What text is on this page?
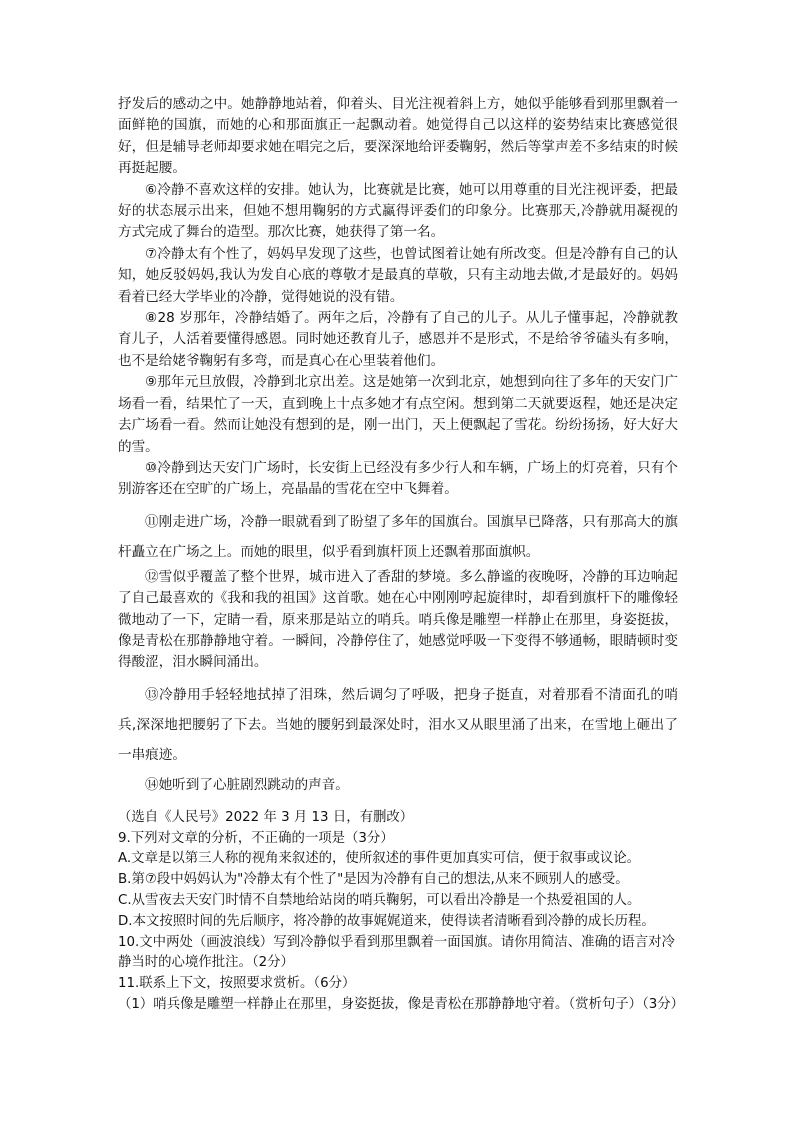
抒发后的感动之中。她静静地站着，仰着头、目光注视着斜上方，她似乎能够看到那里飘着一面鲜艳的国旗，而她的心和那面旗正一起飘动着。她觉得自己以这样的姿势结束比赛感觉很好，但是辅导老师却要求她在唱完之后，要深深地给评委鞠躬，然后等掌声差不多结束的时候再挺起腰。

⑥冷静不喜欢这样的安排。她认为，比赛就是比赛，她可以用尊重的目光注视评委，把最好的状态展示出来，但她不想用鞠躬的方式赢得评委们的印象分。比赛那天,冷静就用凝视的方式完成了舞台的造型。那次比赛，她获得了第一名。

⑦冷静太有个性了，妈妈早发现了这些，也曾试图着让她有所改变。但是冷静有自己的认知，她反驳妈妈,我认为发自心底的尊敬才是最真的草敬，只有主动地去做,才是最好的。妈妈看着已经大学毕业的冷静，觉得她说的没有错。

⑧28 岁那年，冷静结婚了。两年之后，冷静有了自己的儿子。从儿子懂事起，冷静就教育儿子，人活着要懂得感恩。同时她还教育儿子，感恩并不是形式，不是给爷爷磕头有多响，也不是给姥爷鞠躬有多弯，而是真心在心里装着他们。

⑨那年元旦放假，冷静到北京出差。这是她第一次到北京，她想到向往了多年的天安门广场看一看，结果忙了一天，直到晚上十点多她才有点空闲。想到第二天就要返程，她还是决定去广场看一看。然而让她没有想到的是，刚一出门，天上便飘起了雪花。纷纷扬扬，好大好大的雪。

⑩冷静到达天安门广场时，长安街上已经没有多少行人和车辆，广场上的灯亮着，只有个别游客还在空旷的广场上，亮晶晶的雪花在空中飞舞着。

⑪刚走进广场，冷静一眼就看到了盼望了多年的国旗台。国旗早已降落，只有那高大的旗杆矗立在广场之上。而她的眼里，似乎看到旗杆顶上还飘着那面旗帜。

⑫雪似乎覆盖了整个世界，城市进入了香甜的梦境。多么静谧的夜晚呀，冷静的耳边响起了自己最喜欢的《我和我的祖国》这首歌。她在心中刚刚哼起旋律时，却看到旗杆下的雕像轻微地动了一下，定睛一看，原来那是站立的哨兵。哨兵像是雕塑一样静止在那里，身姿挺拔，像是青松在那静静地守着。一瞬间，冷静停住了，她感觉呼吸一下变得不够通畅，眼睛顿时变得酸涩，泪水瞬间涌出。

⑬冷静用手轻轻地拭掉了泪珠，然后调匀了呼吸，把身子挺直，对着那看不清面孔的哨兵,深深地把腰躬了下去。当她的腰躬到最深处时，泪水又从眼里涌了出来，在雪地上砸出了一串痕迹。

⑭她听到了心脏剧烈跳动的声音。

（选自《人民号》2022 年 3 月 13 日，有删改）

9.下列对文章的分析，不正确的一项是（3分）

A.文章是以第三人称的视角来叙述的，使所叙述的事件更加真实可信，便于叙事或议论。

B.第⑦段中妈妈认为"冷静太有个性了"是因为冷静有自己的想法,从来不顾别人的感受。

C.从雪夜去天安门时情不自禁地给站岗的哨兵鞠躬，可以看出冷静是一个热爱祖国的人。

D.本文按照时间的先后顺序，将冷静的故事娓娓道来，使得读者清晰看到冷静的成长历程。

10.文中两处（画波浪线）写到冷静似乎看到那里飘着一面国旗。请你用简洁、准确的语言对冷静当时的心境作批注。（2分）

11.联系上下文，按照要求赏析。（6分）

（1）哨兵像是雕塑一样静止在那里，身姿挺拔，像是青松在那静静地守着。（赏析句子）（3分）
